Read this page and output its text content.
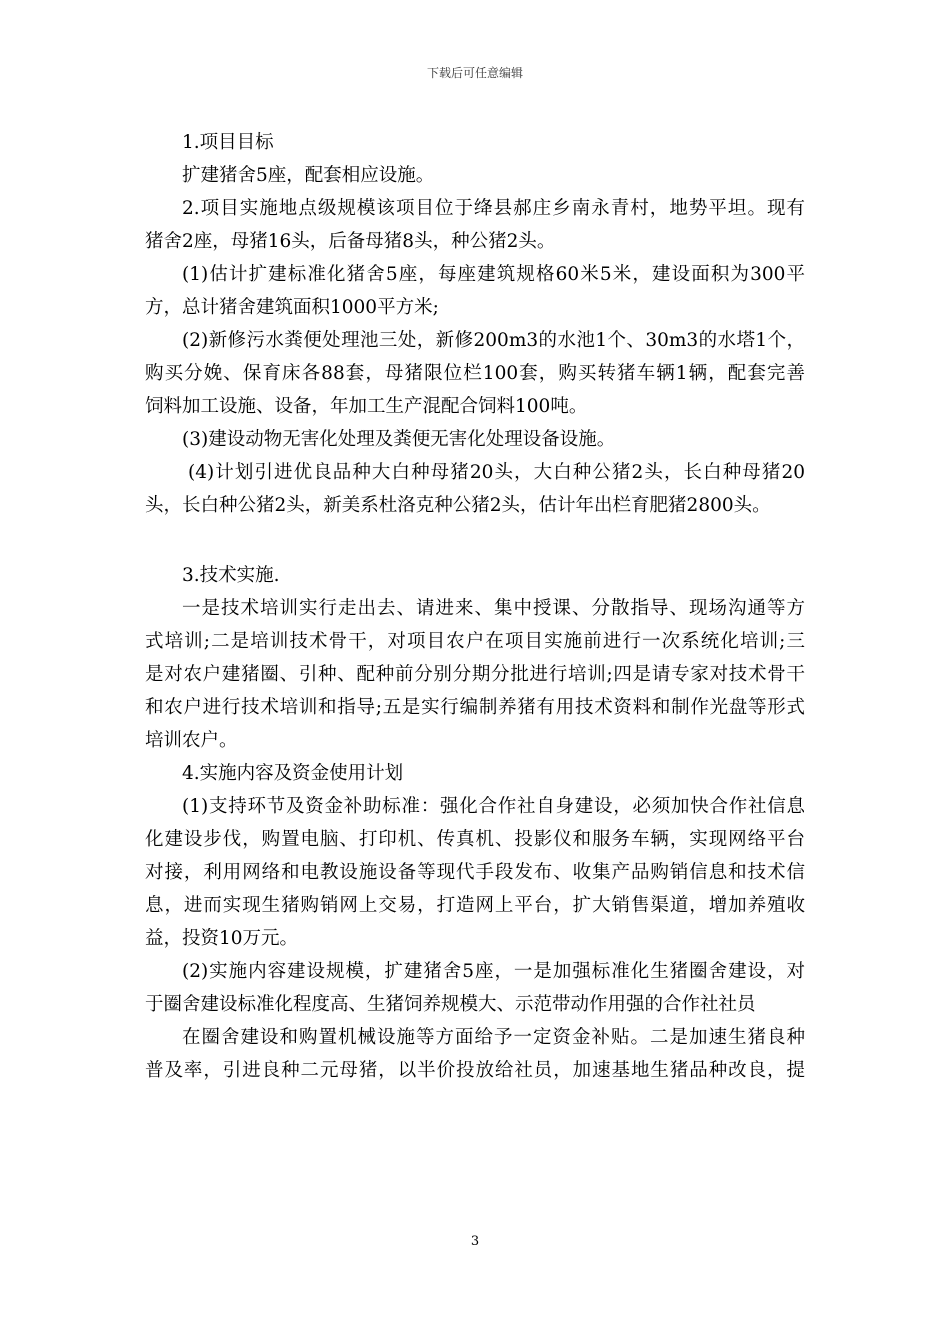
下载后可任意编辑
1.项目目标
扩建猪舍5座，配套相应设施。
2.项目实施地点级规模该项目位于绛县郝庄乡南永青村，地势平坦。现有
猪舍2座，母猪16头，后备母猪8头，种公猪2头。
(1)估计扩建标准化猪舍5座，每座建筑规格60米5米，建设面积为300平
方，总计猪舍建筑面积1000平方米;
(2)新修污水粪便处理池三处，新修200m3的水池1个、30m3的水塔1个，
购买分娩、保育床各88套，母猪限位栏100套，购买转猪车辆1辆，配套完善
饲料加工设施、设备，年加工生产混配合饲料100吨。
(3)建设动物无害化处理及粪便无害化处理设备设施。
(4)计划引进优良品种大白种母猪20头，大白种公猪2头，长白种母猪20
头，长白种公猪2头，新美系杜洛克种公猪2头，估计年出栏育肥猪2800头。
3.技术实施.
一是技术培训实行走出去、请进来、集中授课、分散指导、现场沟通等方
式培训;二是培训技术骨干，对项目农户在项目实施前进行一次系统化培训;三
是对农户建猪圈、引种、配种前分别分期分批进行培训;四是请专家对技术骨干
和农户进行技术培训和指导;五是实行编制养猪有用技术资料和制作光盘等形式
培训农户。
4.实施内容及资金使用计划
(1)支持环节及资金补助标准：强化合作社自身建设，必须加快合作社信息
化建设步伐，购置电脑、打印机、传真机、投影仪和服务车辆，实现网络平台
对接，利用网络和电教设施设备等现代手段发布、收集产品购销信息和技术信
息，进而实现生猪购销网上交易，打造网上平台，扩大销售渠道，增加养殖收
益，投资10万元。
(2)实施内容建设规模，扩建猪舍5座，一是加强标准化生猪圈舍建设，对
于圈舍建设标准化程度高、生猪饲养规模大、示范带动作用强的合作社社员
在圈舍建设和购置机械设施等方面给予一定资金补贴。二是加速生猪良种
普及率，引进良种二元母猪，以半价投放给社员，加速基地生猪品种改良，提
3
